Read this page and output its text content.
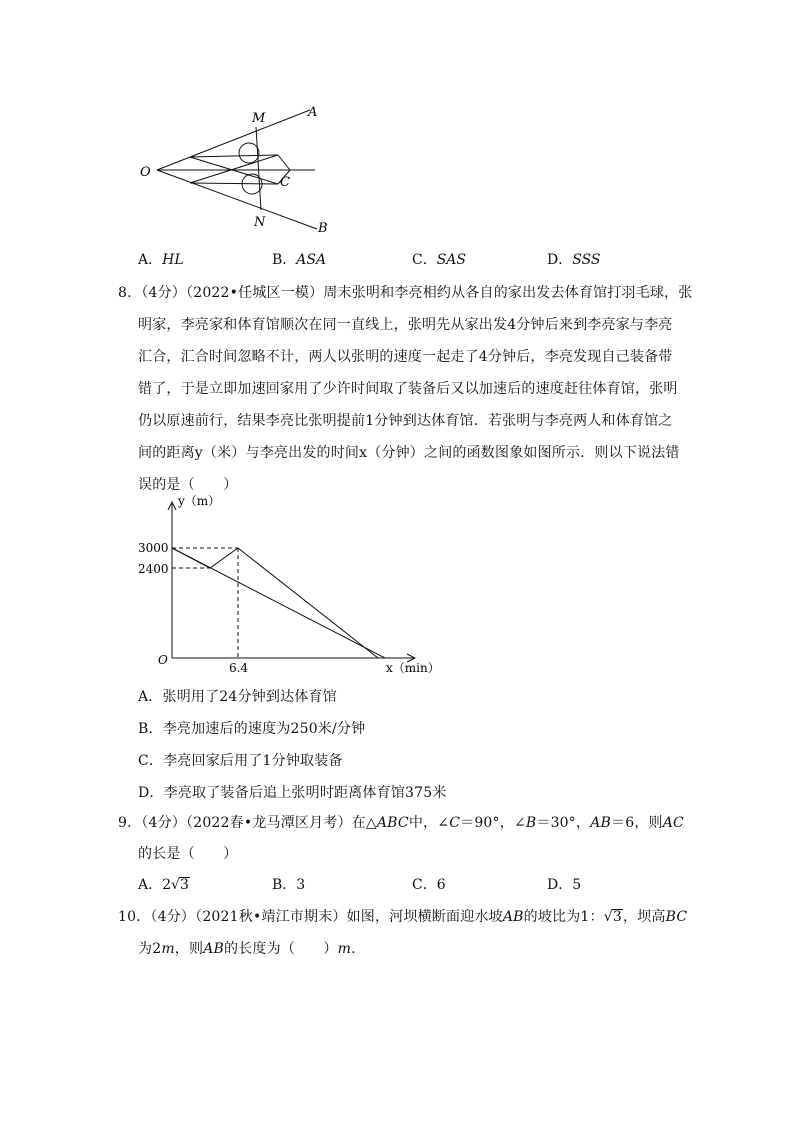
M	A
O
C
N	B
A．HL	B．ASA	C．SAS	D．SSS
8．（4分）（2022•任城区一模）周末张明和李亮相约从各自的家出发去体育馆打羽毛球，张
明家，李亮家和体育馆顺次在同一直线上，张明先从家出发4分钟后来到李亮家与李亮
汇合，汇合时间忽略不计，两人以张明的速度一起走了4分钟后，李亮发现自己装备带
错了，于是立即加速回家用了少许时间取了装备后又以加速后的速度赶往体育馆，张明
仍以原速前行，结果李亮比张明提前1分钟到达体育馆．若张明与李亮两人和体育馆之
间的距离y（米）与李亮出发的时间x（分钟）之间的函数图象如图所示．则以下说法错
误的是（　　）
y（m）
x（min）
O
3000
2400
6.4
A．张明用了24分钟到达体育馆
B．李亮加速后的速度为250米/分钟
C．李亮回家后用了1分钟取装备
D．李亮取了装备后追上张明时距离体育馆375米
9．（4分）（2022春•龙马潭区月考）在△ABC中，∠C＝90°，∠B＝30°，AB＝6，则AC
的长是（　　）
A．2√3	B．3	C．6	D．5
10．（4分）（2021秋•靖江市期末）如图，河坝横断面迎水坡AB的坡比为1：√3，坝高BC
为2m，则AB的长度为（　　）m．
